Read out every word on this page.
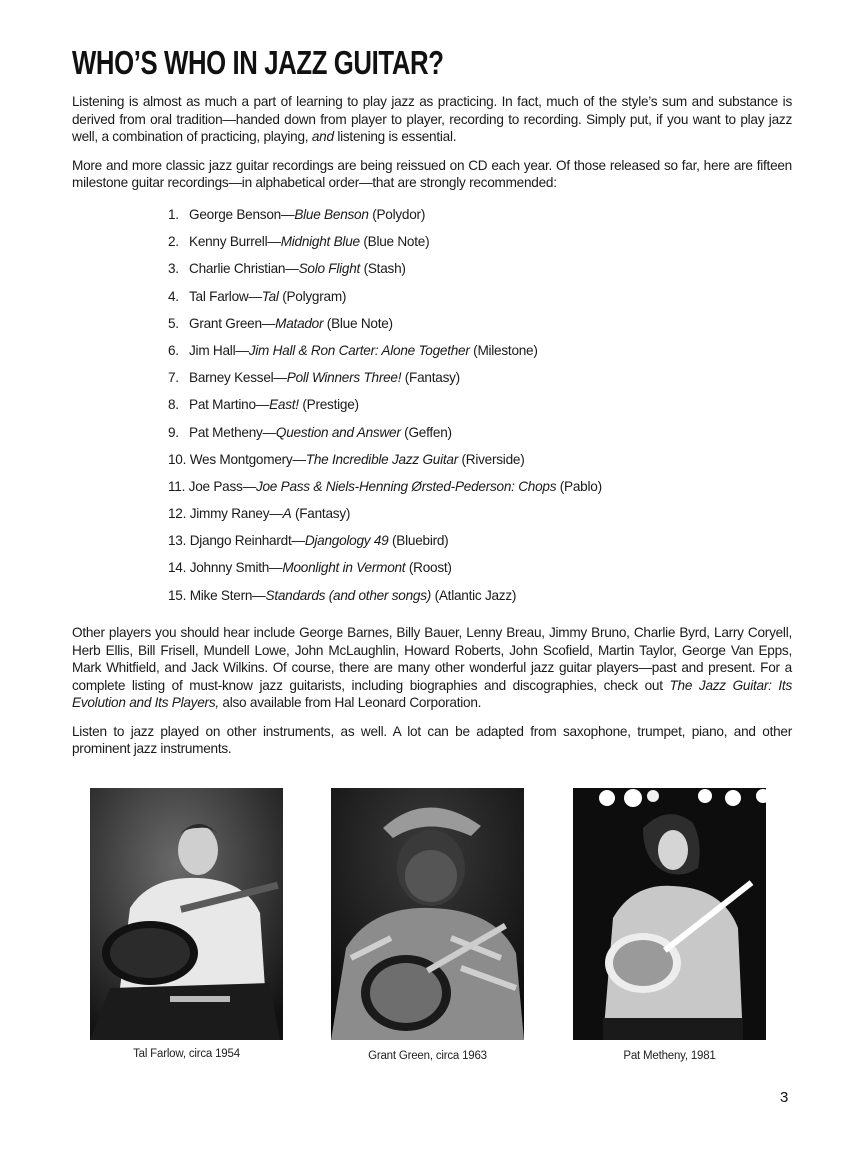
WHO’S WHO IN JAZZ GUITAR?

Listening is almost as much a part of learning to play jazz as practicing. In fact, much of the style’s sum and substance is derived from oral tradition—handed down from player to player, recording to recording. Simply put, if you want to play jazz well, a combination of practicing, playing, and listening is essential.

More and more classic jazz guitar recordings are being reissued on CD each year. Of those released so far, here are fifteen milestone guitar recordings—in alphabetical order—that are strongly recommended:

1. George Benson—Blue Benson (Polydor)
2. Kenny Burrell—Midnight Blue (Blue Note)
3. Charlie Christian—Solo Flight (Stash)
4. Tal Farlow—Tal (Polygram)
5. Grant Green—Matador (Blue Note)
6. Jim Hall—Jim Hall & Ron Carter: Alone Together (Milestone)
7. Barney Kessel—Poll Winners Three! (Fantasy)
8. Pat Martino—East! (Prestige)
9. Pat Metheny—Question and Answer (Geffen)
10. Wes Montgomery—The Incredible Jazz Guitar (Riverside)
11. Joe Pass—Joe Pass & Niels-Henning Ørsted-Pederson: Chops (Pablo)
12. Jimmy Raney—A (Fantasy)
13. Django Reinhardt—Djangology 49 (Bluebird)
14. Johnny Smith—Moonlight in Vermont (Roost)
15. Mike Stern—Standards (and other songs) (Atlantic Jazz)

Other players you should hear include George Barnes, Billy Bauer, Lenny Breau, Jimmy Bruno, Charlie Byrd, Larry Coryell, Herb Ellis, Bill Frisell, Mundell Lowe, John McLaughlin, Howard Roberts, John Scofield, Martin Taylor, George Van Epps, Mark Whitfield, and Jack Wilkins. Of course, there are many other wonderful jazz guitar players—past and present. For a complete listing of must-know jazz guitarists, including biographies and discographies, check out The Jazz Guitar: Its Evolution and Its Players, also available from Hal Leonard Corporation.

Listen to jazz played on other instruments, as well. A lot can be adapted from saxophone, trumpet, piano, and other prominent jazz instruments.

Tal Farlow, circa 1954	Grant Green, circa 1963	Pat Metheny, 1981
3
